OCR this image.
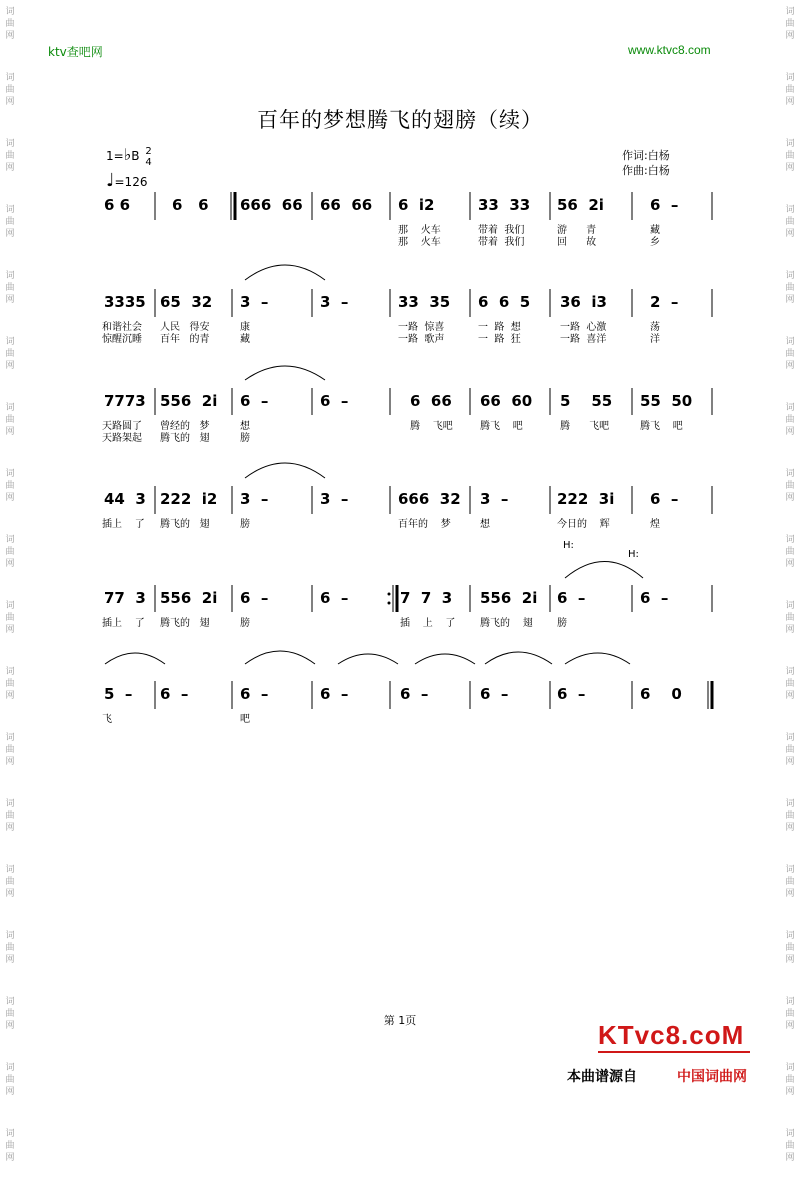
词
曲
网
词
曲
网
词
曲
网
词
曲
网
词
曲
网
词
曲
网
词
曲
网
词
曲
网
词
曲
网
词
曲
网
词
曲
网
词
曲
网
词
曲
网
词
曲
网
词
曲
网
词
曲
网
词
曲
网
词
曲
网
词
曲
网
词
曲
网
词
曲
网
词
曲
网
词
曲
网
词
曲
网
词
曲
网
词
曲
网
词
曲
网
词
曲
网
词
曲
网
词
曲
网
词
曲
网
词
曲
网
词
曲
网
词
曲
网
词
曲
网
词
曲
网
ktv查吧网	www.ktvc8.com
百年的梦想腾飞的翅膀（续）
1=♭B 2
4
♩=126
作词:白杨
作曲:白杨
6 6	6   6 666  66 66  66 6  i2	33  33 56  2i	6  –
那    火车	带着  我们	游      青	藏
那    火车	带着  我们	回      故	乡
3335 65  32 3  –	3  –	33  35 6  6  5 36  i3	2  –
和谐社会 人民   得安	康	一路  惊喜	一  路  想	一路  心激	荡
惊醒沉睡 百年   的青	藏	一路  歌声	一  路  狂	一路  喜洋	洋
7773 556  2i 6  –	6  –	6  66 66  60 5    55 55  50
天路圆了 曾经的   梦	想	腾    飞吧	腾飞    吧	腾      飞吧	腾飞    吧
天路架起 腾飞的   翅	膀
44  3 222  i2 3  –	3  –	666  32 3  –	222  3i 6  –
插上    了 腾飞的   翅	膀	百年的    梦	想	今日的    辉	煌
77  3 556  2i 6  –	6  –	7  7  3 556  2i 6  –	6  –
插上    了 腾飞的   翅	膀	插    上    了 腾飞的    翅 膀
5  – 6  –	6  –	6  –	6  –	6  –	6  –	6    0
飞	吧
H:
H:
第 1页	KTvc8.coM
本曲谱源自	中国词曲网
